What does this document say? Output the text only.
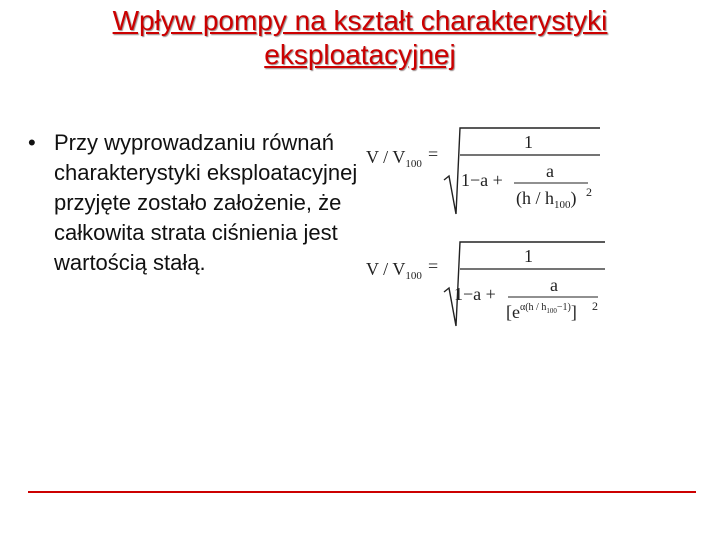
Wpływ pompy na kształt charakterystyki eksploatacyjnej
• Przy wyprowadzaniu równań charakterystyki eksploatacyjnej przyjęte zostało założenie, że całkowita strata ciśnienia jest wartością stałą.
V / $V_{100}$ =
1
1−a + a
$(h / h_{100})$ 2
V / $V_{100}$ =	1
1−a +	a
$[e^{\alpha(h / h}100-1)$] 2
